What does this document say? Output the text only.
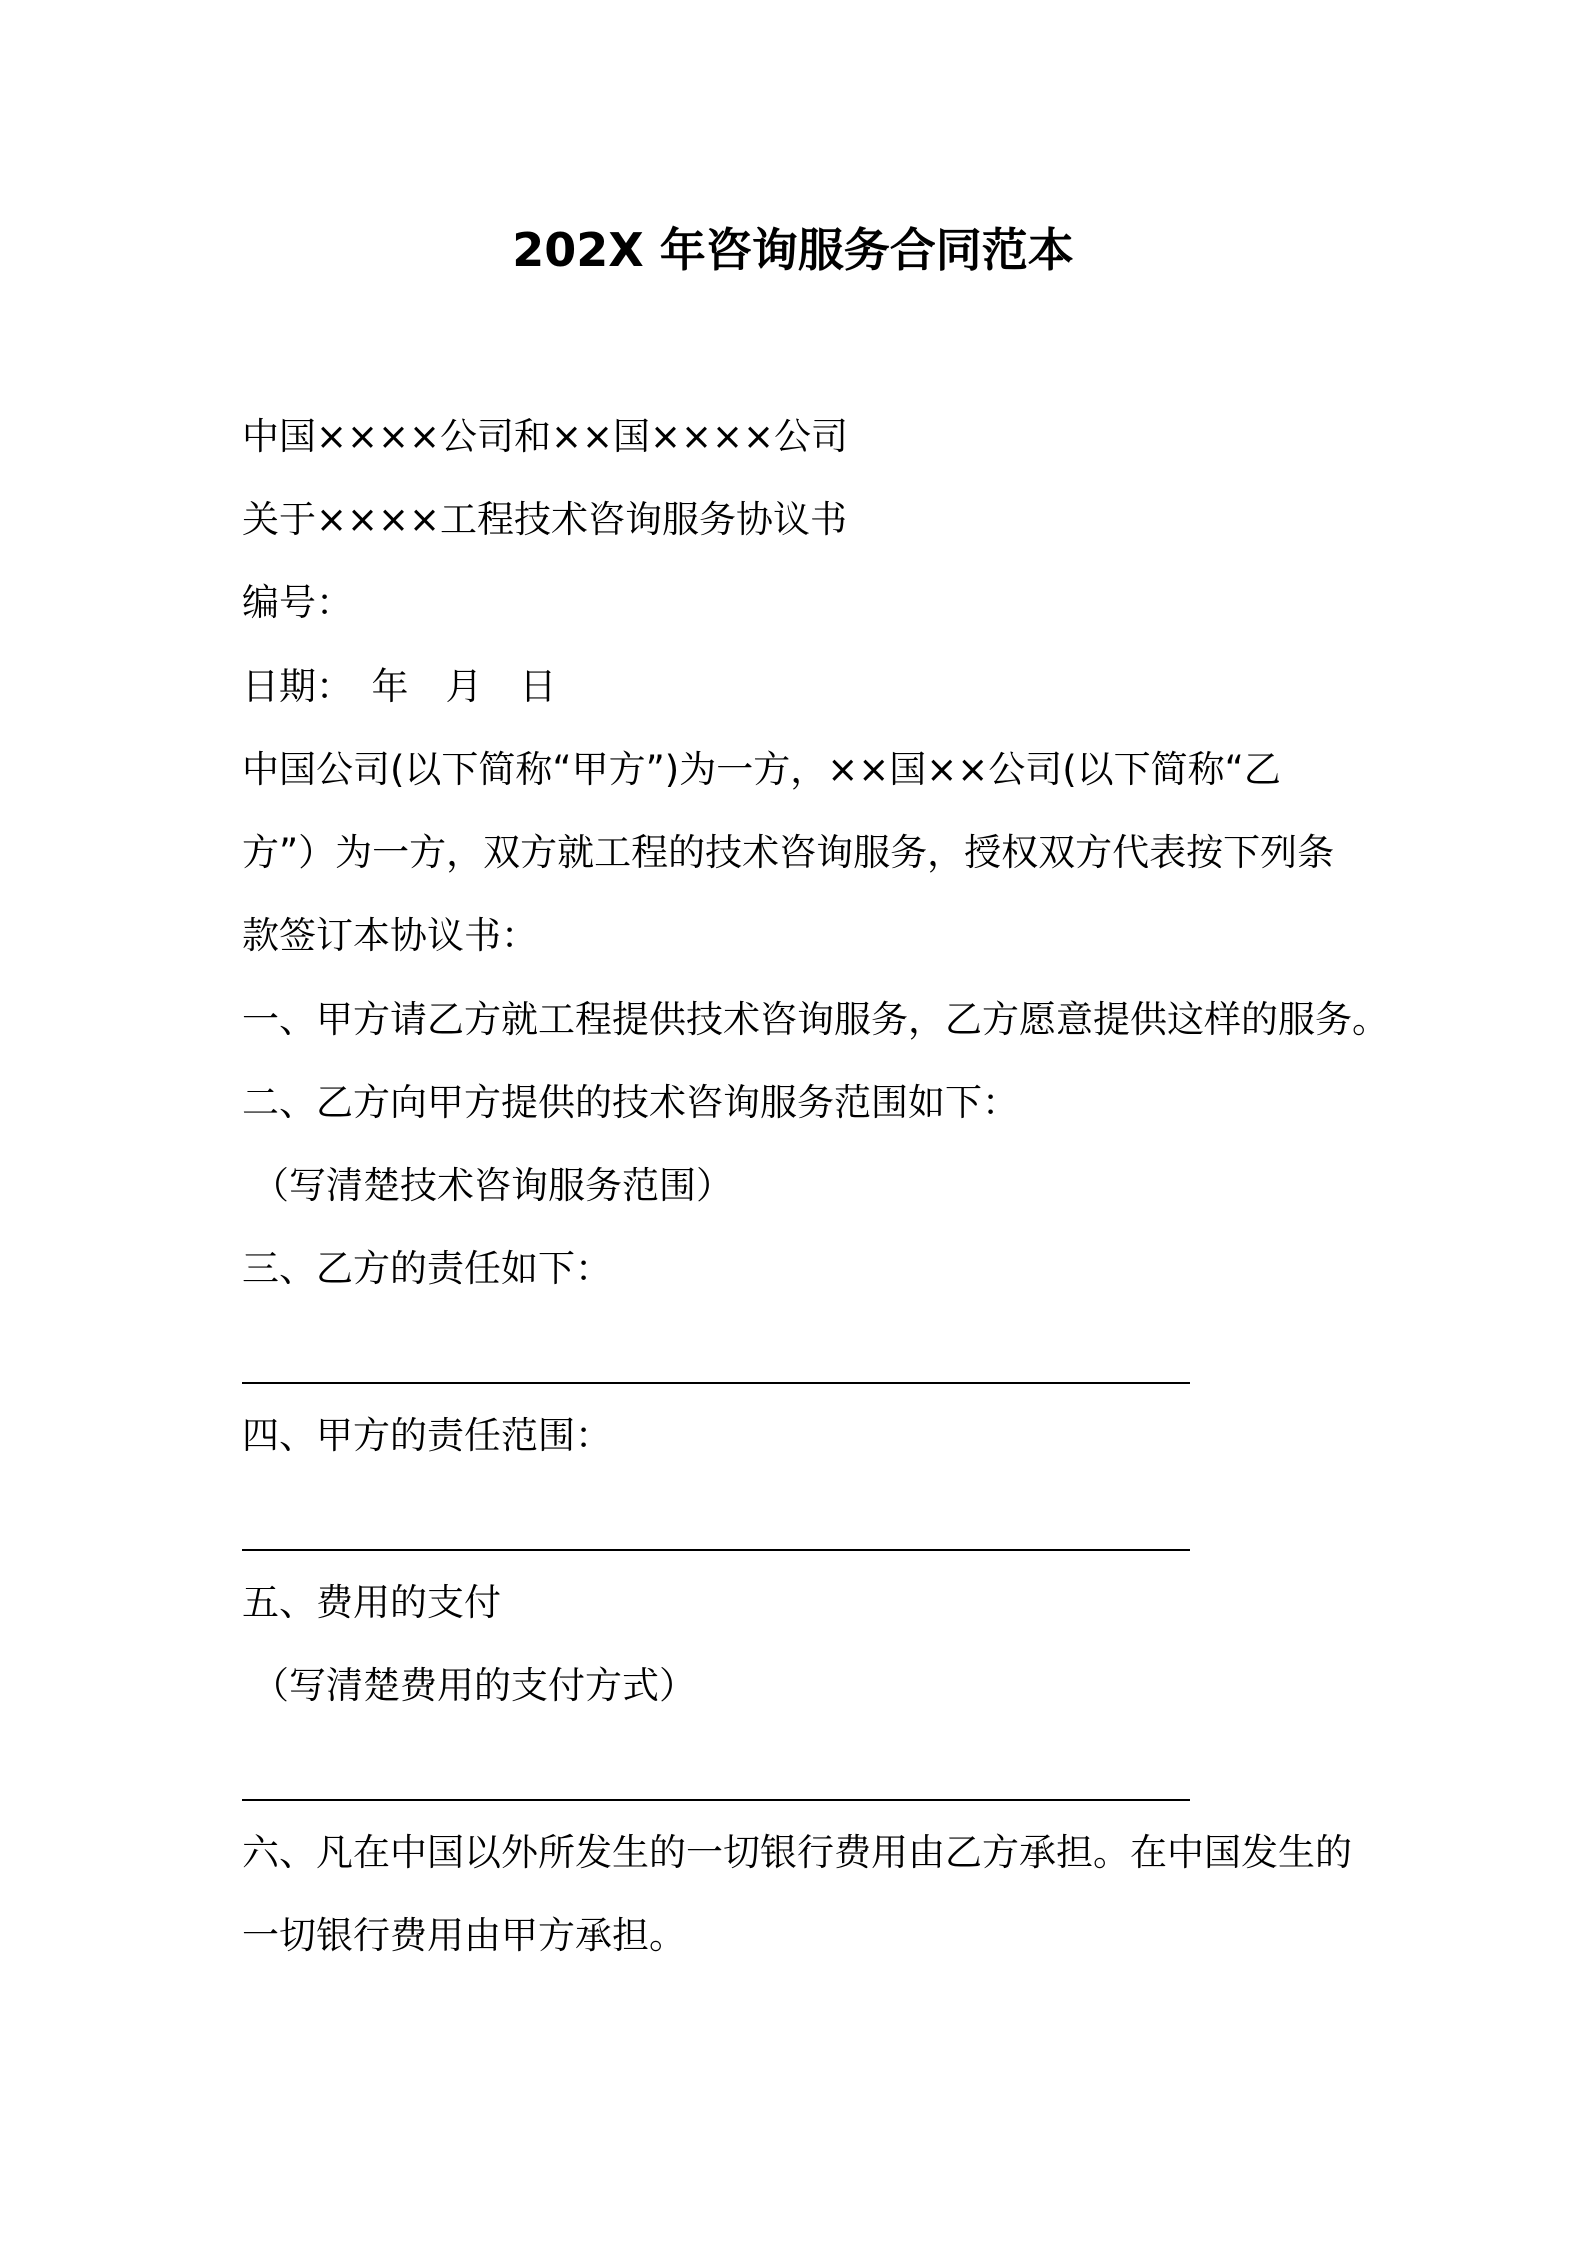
202X 年咨询服务合同范本
中国××××公司和××国××××公司
关于××××工程技术咨询服务协议书
编号：
日期：　年　月　日
中国公司(以下简称“甲方”)为一方，××国××公司(以下简称“乙
方”）为一方，双方就工程的技术咨询服务，授权双方代表按下列条
款签订本协议书：
一、甲方请乙方就工程提供技术咨询服务，乙方愿意提供这样的服务。
二、乙方向甲方提供的技术咨询服务范围如下：
（写清楚技术咨询服务范围）
三、乙方的责任如下：
四、甲方的责任范围：
五、费用的支付
（写清楚费用的支付方式）
六、凡在中国以外所发生的一切银行费用由乙方承担。在中国发生的
一切银行费用由甲方承担。
